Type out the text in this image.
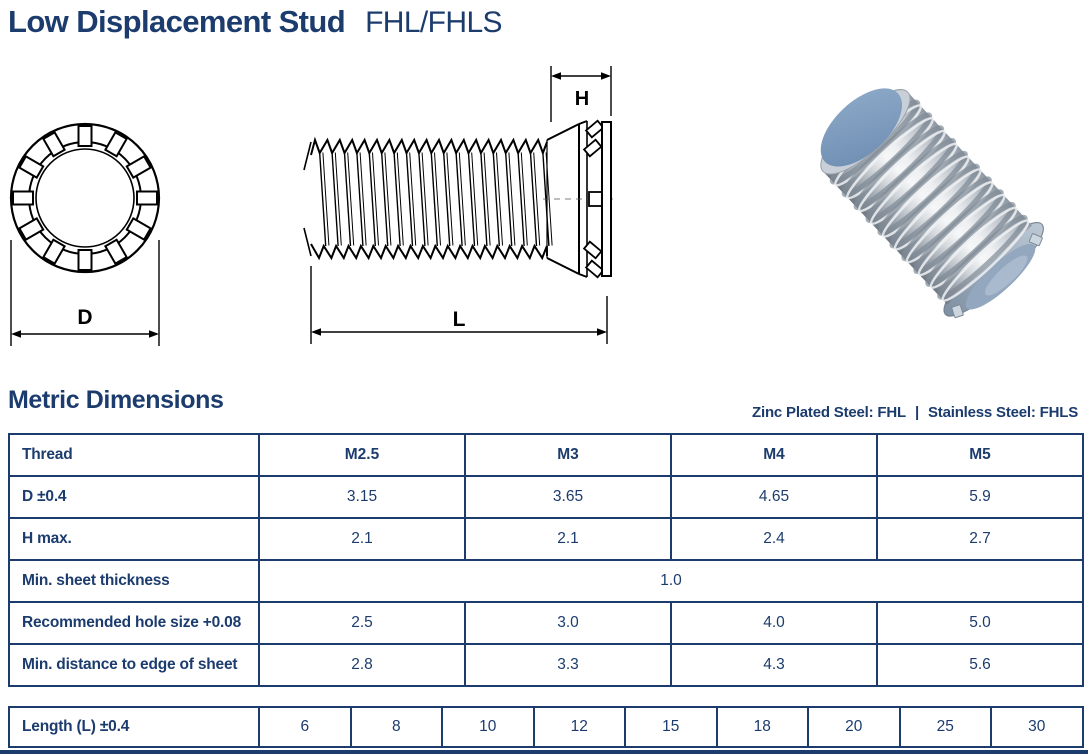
Low Displacement Stud FHL/FHLS
D
H
L
Metric Dimensions	Zinc Plated Steel: FHL | Stainless Steel: FHLS
Thread	M2.5	M3	M4	M5
D ±0.4	3.15	3.65	4.65	5.9
H max.	2.1	2.1	2.4	2.7
Min. sheet thickness	1.0			
Recommended hole size +0.08	2.5	3.0	4.0	5.0
Min. distance to edge of sheet	2.8	3.3	4.3	5.6
Length (L) ±0.4	6	8	10	12	15	18	20	25	30
